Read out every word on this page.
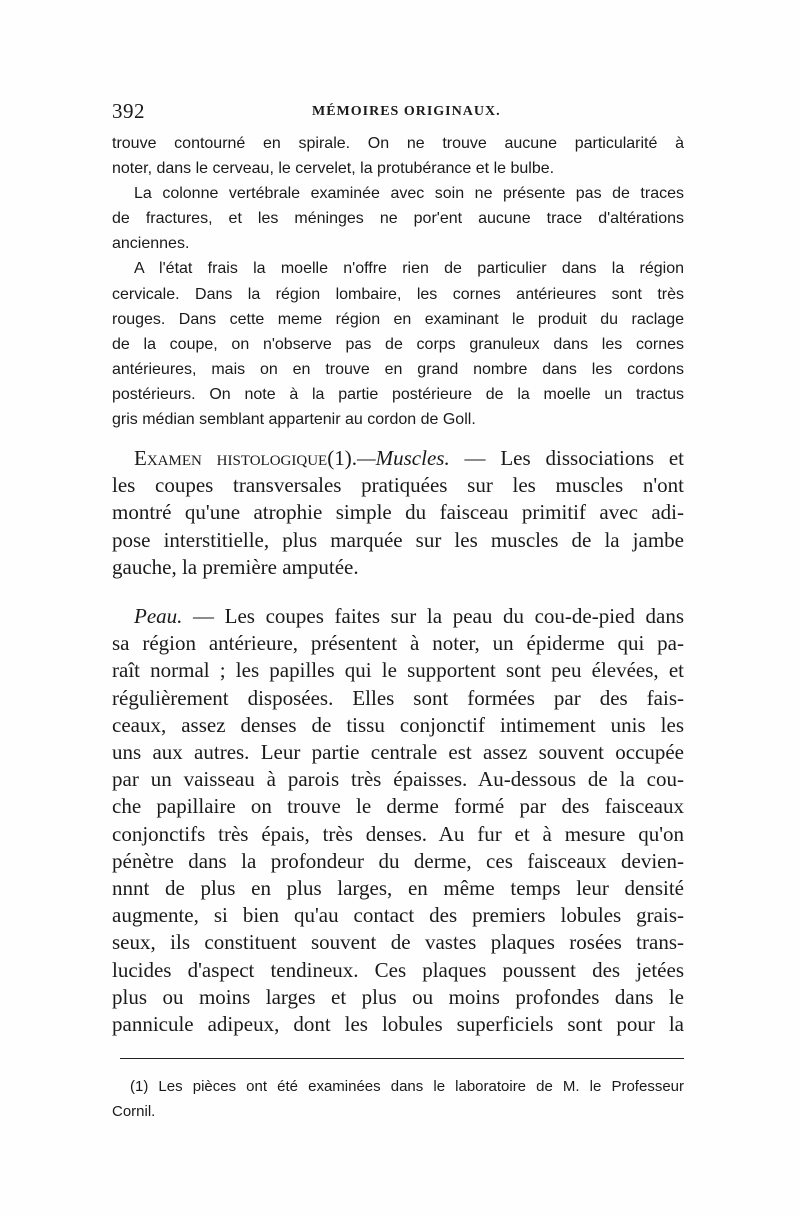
392	MÉMOIRES ORIGINAUX.

trouve contourné en spirale. On ne trouve aucune particularité à
noter, dans le cerveau, le cervelet, la protubérance et le bulbe.

La colonne vertébrale examinée avec soin ne présente pas de traces
de fractures, et les méninges ne por'ent aucune trace d'altérations
anciennes.

A l'état frais la moelle n'offre rien de particulier dans la région
cervicale. Dans la région lombaire, les cornes antérieures sont très
rouges. Dans cette meme région en examinant le produit du raclage
de la coupe, on n'observe pas de corps granuleux dans les cornes
antérieures, mais on en trouve en grand nombre dans les cordons
postérieurs. On note à la partie postérieure de la moelle un tractus
gris médian semblant appartenir au cordon de Goll.

Examen histologique(1).—Muscles. — Les dissociations et
les coupes transversales pratiquées sur les muscles n'ont
montré qu'une atrophie simple du faisceau primitif avec adi-
pose interstitielle, plus marquée sur les muscles de la jambe
gauche, la première amputée.

Peau. — Les coupes faites sur la peau du cou-de-pied dans
sa région antérieure, présentent à noter, un épiderme qui pa-
raît normal ; les papilles qui le supportent sont peu élevées, et
régulièrement disposées. Elles sont formées par des fais-
ceaux, assez denses de tissu conjonctif intimement unis les
uns aux autres. Leur partie centrale est assez souvent occupée
par un vaisseau à parois très épaisses. Au-dessous de la cou-
che papillaire on trouve le derme formé par des faisceaux
conjonctifs très épais, très denses. Au fur et à mesure qu'on
pénètre dans la profondeur du derme, ces faisceaux devien-
nnnt de plus en plus larges, en même temps leur densité
augmente, si bien qu'au contact des premiers lobules grais-
seux, ils constituent souvent de vastes plaques rosées trans-
lucides d'aspect tendineux. Ces plaques poussent des jetées
plus ou moins larges et plus ou moins profondes dans le
pannicule adipeux, dont les lobules superficiels sont pour la

(1) Les pièces ont été examinées dans le laboratoire de M. le Professeur
Cornil.
